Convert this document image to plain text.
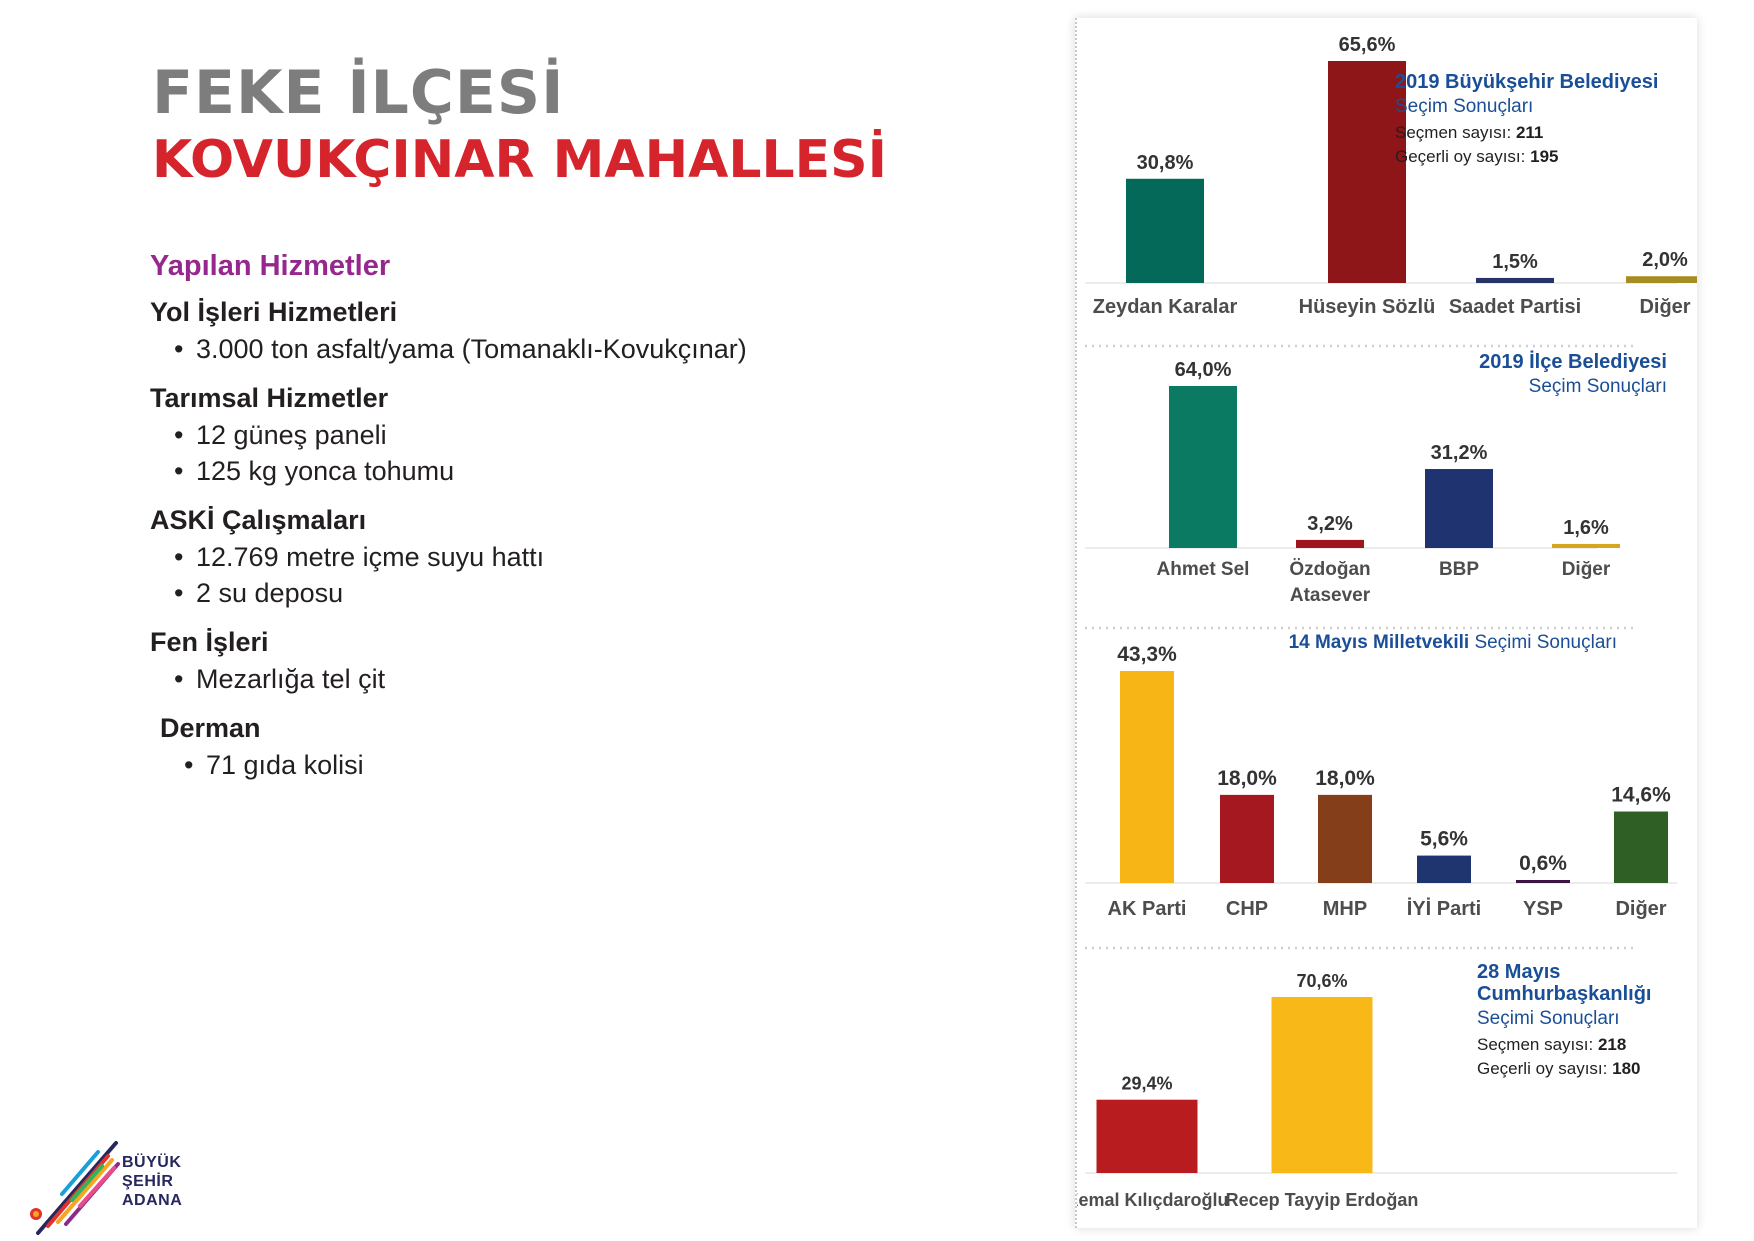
FEKE İLÇESİ
KOVUKÇINAR MAHALLESİ
Yapılan Hizmetler
Yol İşleri Hizmetleri
• 3.000 ton asfalt/yama (Tomanaklı-Kovukçınar)
Tarımsal Hizmetler
• 12 güneş paneli
• 125 kg yonca tohumu
ASKİ Çalışmaları
• 12.769 metre içme suyu hattı
• 2 su deposu
Fen İşleri
• Mezarlığa tel çit
Derman
• 71 gıda kolisi
30,8%
Zeydan Karalar
65,6%
Hüseyin Sözlü
1,5%
Saadet Partisi
2,0%
Diğer
2019 Büyükşehir Belediyesi
Seçim Sonuçları
Seçmen sayısı: 211
Geçerli oy sayısı: 195
64,0%
Ahmet Sel
3,2%
Özdoğan
Atasever
31,2%
BBP
1,6%
Diğer
2019 İlçe Belediyesi
Seçim Sonuçları
43,3%
AK Parti
18,0%
CHP
18,0%
MHP
5,6%
İYİ Parti
0,6%
YSP
14,6%
Diğer
14 Mayıs Milletvekili Seçimi Sonuçları
29,4%
Kemal Kılıçdaroğlu
70,6%
Recep Tayyip Erdoğan
28 Mayıs Cumhurbaşkanlığı
Seçimi Sonuçları
Seçmen sayısı: 218
Geçerli oy sayısı: 180
BÜYÜK
ŞEHİR
ADANA
